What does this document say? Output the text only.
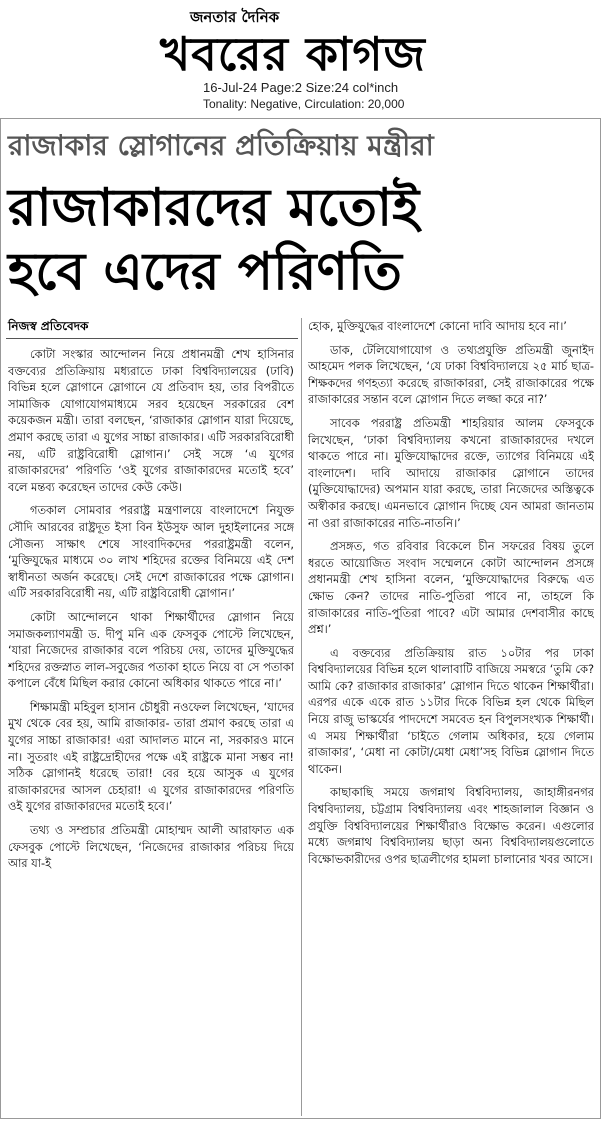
জনতার দৈনিক
খবরের কাগজ
16-Jul-24 Page:2 Size:24 col*inch
Tonality: Negative, Circulation: 20,000
রাজাকার স্লোগানের প্রতিক্রিয়ায় মন্ত্রীরা
রাজাকারদের মতোই
হবে এদের পরিণতি
নিজস্ব প্রতিবেদক

কোটা সংস্কার আন্দোলন নিয়ে প্রধানমন্ত্রী শেখ হাসিনার বক্তব্যের প্রতিক্রিয়ায় মধ্যরাতে ঢাকা বিশ্ববিদ্যালয়ের (ঢাবি) বিভিন্ন হলে স্লোগানে স্লোগানে যে প্রতিবাদ হয়, তার বিপরীতে সামাজিক যোগাযোগমাধ্যমে সরব হয়েছেন সরকারের বেশ কয়েকজন মন্ত্রী। তারা বলছেন, ‘রাজাকার স্লোগান যারা দিয়েছে, প্রমাণ করছে তারা এ যুগের সাচ্চা রাজাকার। এটি সরকারবিরোধী নয়, এটি রাষ্ট্রবিরোধী স্লোগান।’ সেই সঙ্গে ‘এ যুগের রাজাকারদের’ পরিণতি ‘ওই যুগের রাজাকারদের মতোই হবে’ বলে মন্তব্য করেছেন তাদের কেউ কেউ।

গতকাল সোমবার পররাষ্ট্র মন্ত্রণালয়ে বাংলাদেশে নিযুক্ত সৌদি আরবের রাষ্ট্রদূত ইসা বিন ইউসুফ আল দুহাইলানের সঙ্গে সৌজন্য সাক্ষাৎ শেষে সাংবাদিকদের পররাষ্ট্রমন্ত্রী বলেন, ‘মুক্তিযুদ্ধের মাধ্যমে ৩০ লাখ শহিদের রক্তের বিনিময়ে এই দেশ স্বাধীনতা অর্জন করেছে। সেই দেশে রাজাকারের পক্ষে স্লোগান। এটি সরকারবিরোধী নয়, এটি রাষ্ট্রবিরোধী স্লোগান।’

কোটা আন্দোলনে থাকা শিক্ষার্থীদের স্লোগান নিয়ে সমাজকল্যাণমন্ত্রী ড. দীপু মনি এক ফেসবুক পোস্টে লিখেছেন, ‘যারা নিজেদের রাজাকার বলে পরিচয় দেয়, তাদের মুক্তিযুদ্ধের শহিদের রক্তস্নাত লাল-সবুজের পতাকা হাতে নিয়ে বা সে পতাকা কপালে বেঁধে মিছিল করার কোনো অধিকার থাকতে পারে না।’

শিক্ষামন্ত্রী মহিবুল হাসান চৌধুরী নওফেল লিখেছেন, ‘যাদের মুখ থেকে বের হয়, আমি রাজাকার- তারা প্রমাণ করছে তারা এ যুগের সাচ্চা রাজাকার! এরা আদালত মানে না, সরকারও মানে না। সুতরাং এই রাষ্ট্রদ্রোহীদের পক্ষে এই রাষ্ট্রকে মানা সম্ভব না! সঠিক স্লোগানই ধরেছে তারা! বের হয়ে আসুক এ যুগের রাজাকারদের আসল চেহারা! এ যুগের রাজাকারদের পরিণতি ওই যুগের রাজাকারদের মতোই হবে।’

তথ্য ও সম্প্রচার প্রতিমন্ত্রী মোহাম্মদ আলী আরাফাত এক ফেসবুক পোস্টে লিখেছেন, ‘নিজেদের রাজাকার পরিচয় দিয়ে আর যা-ই

হোক, মুক্তিযুদ্ধের বাংলাদেশে কোনো দাবি আদায় হবে না।’

ডাক, টেলিযোগাযোগ ও তথ্যপ্রযুক্তি প্রতিমন্ত্রী জুনাইদ আহমেদ পলক লিখেছেন, ‘যে ঢাকা বিশ্ববিদ্যালয়ে ২৫ মার্চ ছাত্র-শিক্ষকদের গণহত্যা করেছে রাজাকাররা, সেই রাজাকারের পক্ষে রাজাকারের সন্তান বলে স্লোগান দিতে লজ্জা করে না?’

সাবেক পররাষ্ট্র প্রতিমন্ত্রী শাহরিয়ার আলম ফেসবুকে লিখেছেন, ‘ঢাকা বিশ্ববিদ্যালয় কখনো রাজাকারদের দখলে থাকতে পারে না। মুক্তিযোদ্ধাদের রক্তে, ত্যাগের বিনিময়ে এই বাংলাদেশ। দাবি আদায়ে রাজাকার স্লোগানে তাদের (মুক্তিযোদ্ধাদের) অপমান যারা করছে, তারা নিজেদের অস্তিত্বকে অস্বীকার করছে। এমনভাবে স্লোগান দিচ্ছে যেন আমরা জানতাম না ওরা রাজাকারের নাতি-নাতনি।’

প্রসঙ্গত, গত রবিবার বিকেলে চীন সফরের বিষয় তুলে ধরতে আয়োজিত সংবাদ সম্মেলনে কোটা আন্দোলন প্রসঙ্গে প্রধানমন্ত্রী শেখ হাসিনা বলেন, ‘মুক্তিযোদ্ধাদের বিরুদ্ধে এত ক্ষোভ কেন? তাদের নাতি-পুতিরা পাবে না, তাহলে কি রাজাকারের নাতি-পুতিরা পাবে? এটা আমার দেশবাসীর কাছে প্রশ্ন।’

এ বক্তব্যের প্রতিক্রিয়ায় রাত ১০টার পর ঢাকা বিশ্ববিদ্যালয়ের বিভিন্ন হলে থালাবাটি বাজিয়ে সমস্বরে ‘তুমি কে? আমি কে? রাজাকার রাজাকার’ স্লোগান দিতে থাকেন শিক্ষার্থীরা। এরপর একে একে রাত ১১টার দিকে বিভিন্ন হল থেকে মিছিল নিয়ে রাজু ভাস্কর্যের পাদদেশে সমবেত হন বিপুলসংখ্যক শিক্ষার্থী। এ সময় শিক্ষার্থীরা ‘চাইতে গেলাম অধিকার, হয়ে গেলাম রাজাকার’, ‘মেধা না কোটা/মেধা মেধা’সহ বিভিন্ন স্লোগান দিতে থাকেন।

কাছাকাছি সময়ে জগন্নাথ বিশ্ববিদ্যালয়, জাহাঙ্গীরনগর বিশ্ববিদ্যালয়, চট্টগ্রাম বিশ্ববিদ্যালয় এবং শাহজালাল বিজ্ঞান ও প্রযুক্তি বিশ্ববিদ্যালয়ের শিক্ষার্থীরাও বিক্ষোভ করেন। এগুলোর মধ্যে জগন্নাথ বিশ্ববিদ্যালয় ছাড়া অন্য বিশ্ববিদ্যালয়গুলোতে বিক্ষোভকারীদের ওপর ছাত্রলীগের হামলা চালানোর খবর আসে।
